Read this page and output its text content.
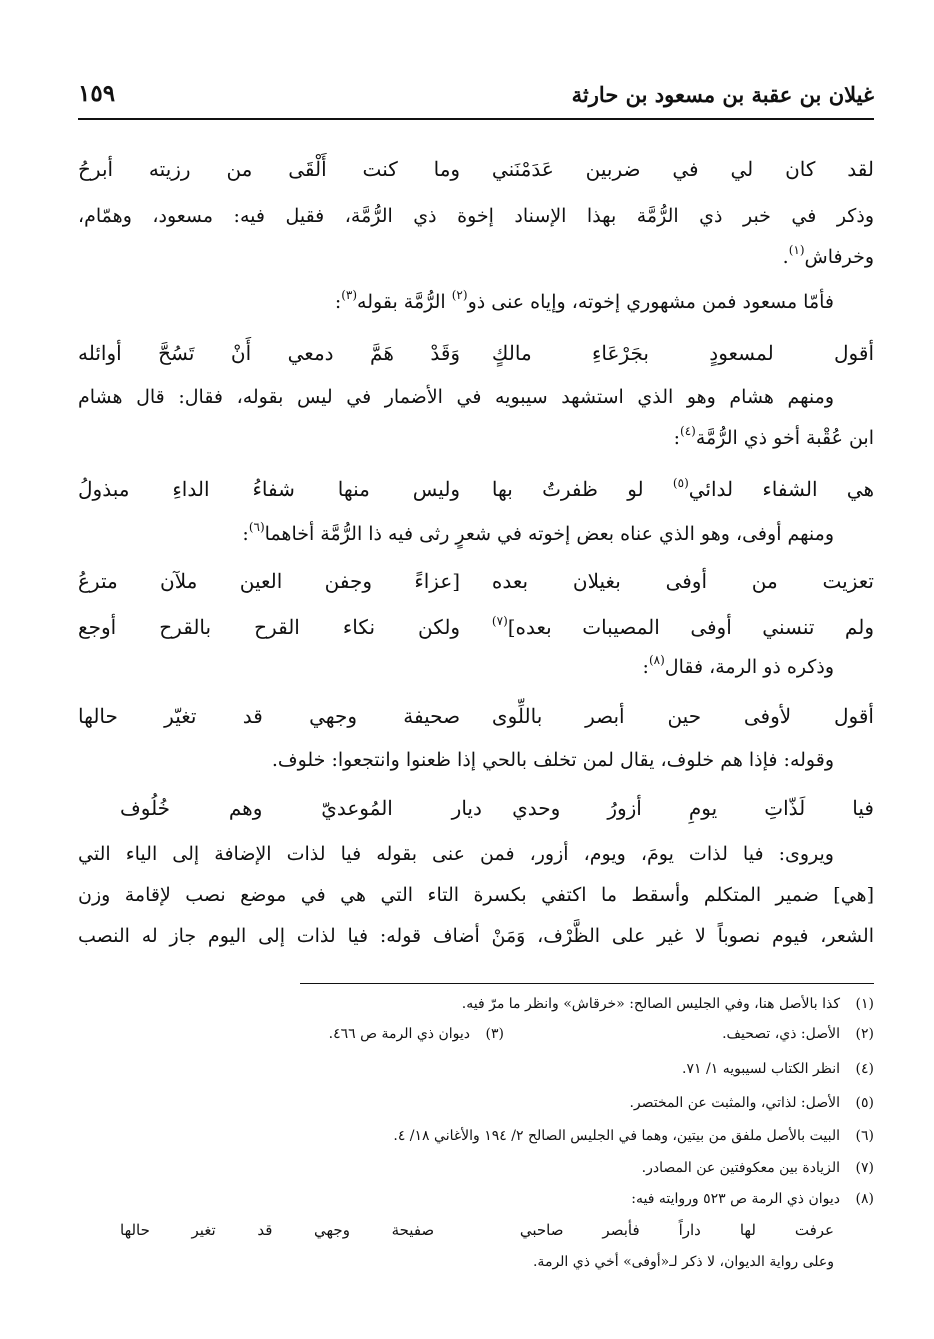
غيلان بن عقبة بن مسعود بن حارثة
١٥٩
لقد كان لي في ضربين عَدَمْنَني
وما كنت أَلْقَى من رزيته أبرحُ
وذكر في خبر ذي الرُّمَّة بهذا الإسناد إخوة ذي الرُّمَّة، فقيل فيه: مسعود، وهمّام،
وخرفاش$^{(١)}$.
فأمّا مسعود فمن مشهوري إخوته، وإياه عنى ذو$^{(٢)}$ الرُّمَّة بقوله$^{(٣)}$:
أقول لمسعودٍ بجَرْعَاءِ مالكٍ
وَقَدْ هَمَّ دمعي أَنْ تَسُحَّ أوائله
ومنهم هشام وهو الذي استشهد سيبويه في الأضمار في ليس بقوله، فقال: قال هشام
ابن عُقْبة أخو ذي الرُّمَّة$^{(٤)}$:
هي الشفاء لدائي$^{(٥)}$ لو ظفرتُ بها
وليس منها شفاءُ الداءِ مبذولُ
ومنهم أوفى، وهو الذي عناه بعض إخوته في شعرٍ رثى فيه ذا الرُّمَّة أخاهما$^{(٦)}$:
تعزيت من أوفى بغيلان بعده
[عزاءً وجفن العين ملآن مترعُ
ولم تنسني أوفى المصيبات بعده]$^{(٧)}$
ولكن نكاء القرح بالقرح أوجع
وذكره ذو الرمة، فقال$^{(٨)}$:
أقول لأوفى حين أبصر باللِّوى
صحيفة وجهي قد تغيّر حالها
وقوله: فإذا هم خلوف، يقال لمن تخلف بالحي إذا ظعنوا وانتجعوا: خلوف.
فيا لَذّاتِ يومِ أزورُ وحدي
ديار المُوعديّ وهم خُلُوف
ويروى: فيا لذات يومَ، ويوم، أزور، فمن عنى بقوله فيا لذات الإضافة إلى الياء التي
[هي] ضمير المتكلم وأسقط ما اكتفي بكسرة التاء التي هي في موضع نصب لإقامة وزن
الشعر، فيوم نصوباً لا غير على الظَّرْف، وَمَنْ أضاف قوله: فيا لذات إلى اليوم جاز له النصب
(١)كذا بالأصل هنا، وفي الجليس الصالح: «خرقاش» وانظر ما مرّ فيه.
(٢)الأصل: ذي، تصحيف.
(٣)ديوان ذي الرمة ص ٤٦٦.
(٤)انظر الكتاب لسيبويه ١/ ٧١.
(٥)الأصل: لذاتي، والمثبت عن المختصر.
(٦)البيت بالأصل ملفق من بيتين، وهما في الجليس الصالح ٢/ ١٩٤ والأغاني ١٨/ ٤.
(٧)الزيادة بين معكوفتين عن المصادر.
(٨)ديوان ذي الرمة ص ٥٢٣ وروايته فيه:
عرفت لها داراً فأبصر صاحبي
صفيحة وجهي قد تغير حالها
وعلى رواية الديوان، لا ذكر لـ«أوفى» أخي ذي الرمة.
